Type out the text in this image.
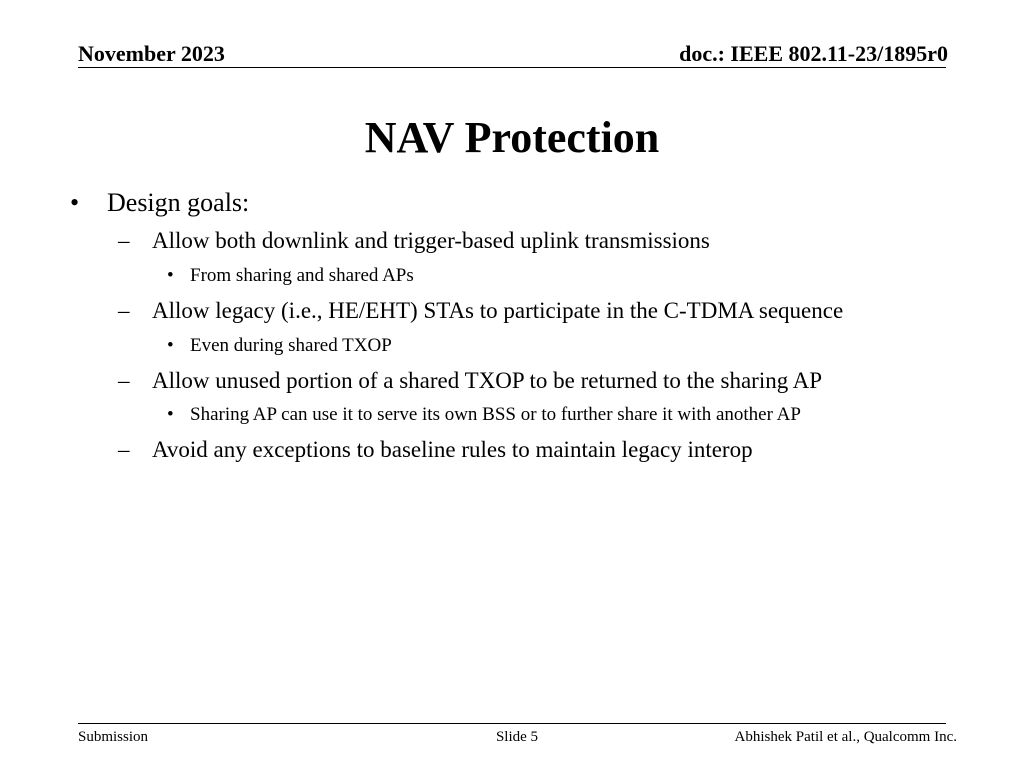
November 2023	doc.: IEEE 802.11-23/1895r0
NAV Protection
• Design goals:
– Allow both downlink and trigger-based uplink transmissions
• From sharing and shared APs
– Allow legacy (i.e., HE/EHT) STAs to participate in the C-TDMA sequence
• Even during shared TXOP
– Allow unused portion of a shared TXOP to be returned to the sharing AP
• Sharing AP can use it to serve its own BSS or to further share it with another AP
– Avoid any exceptions to baseline rules to maintain legacy interop
Submission	Slide 5	Abhishek Patil et al., Qualcomm Inc.
